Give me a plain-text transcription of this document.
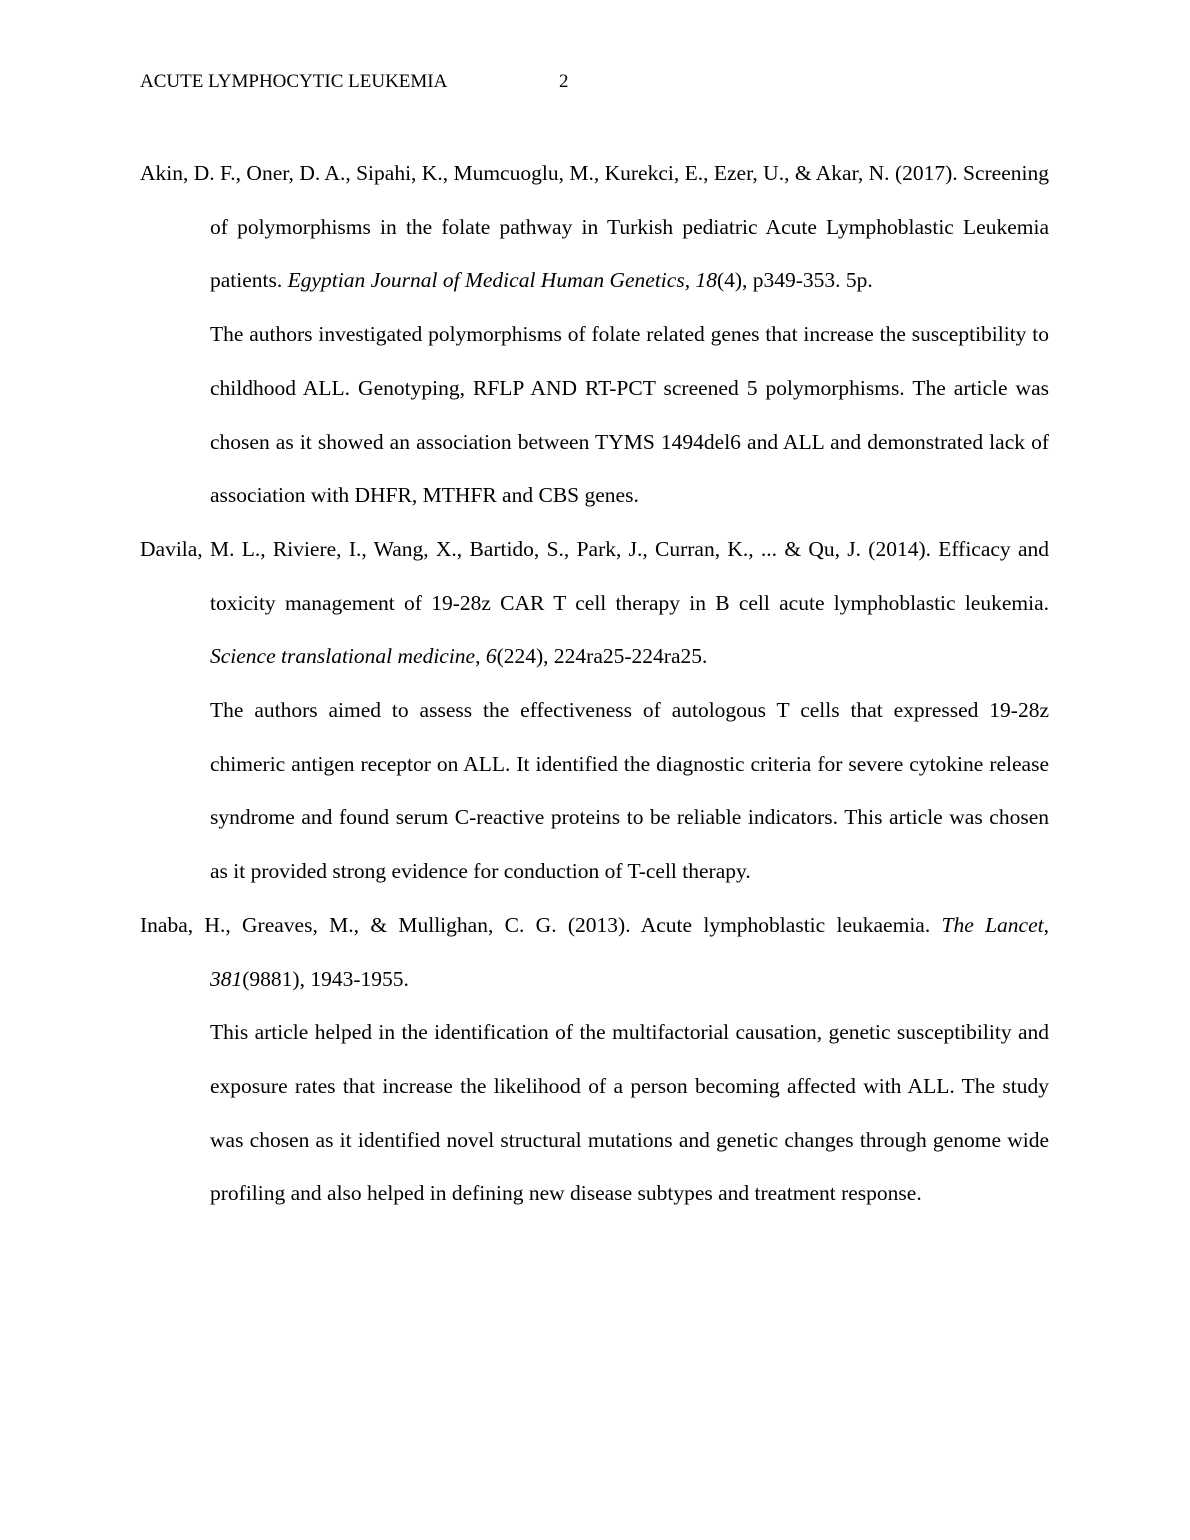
ACUTE LYMPHOCYTIC LEUKEMIA	2

Akin, D. F., Oner, D. A., Sipahi, K., Mumcuoglu, M., Kurekci, E., Ezer, U., & Akar, N. (2017). Screening of polymorphisms in the folate pathway in Turkish pediatric Acute Lymphoblastic Leukemia patients. Egyptian Journal of Medical Human Genetics, 18(4), p349-353. 5p.

The authors investigated polymorphisms of folate related genes that increase the susceptibility to childhood ALL. Genotyping, RFLP AND RT-PCT screened 5 polymorphisms. The article was chosen as it showed an association between TYMS 1494del6 and ALL and demonstrated lack of association with DHFR, MTHFR and CBS genes.

Davila, M. L., Riviere, I., Wang, X., Bartido, S., Park, J., Curran, K., ... & Qu, J. (2014). Efficacy and toxicity management of 19-28z CAR T cell therapy in B cell acute lymphoblastic leukemia. Science translational medicine, 6(224), 224ra25-224ra25.

The authors aimed to assess the effectiveness of autologous T cells that expressed 19-28z chimeric antigen receptor on ALL. It identified the diagnostic criteria for severe cytokine release syndrome and found serum C-reactive proteins to be reliable indicators. This article was chosen as it provided strong evidence for conduction of T-cell therapy.

Inaba, H., Greaves, M., & Mullighan, C. G. (2013). Acute lymphoblastic leukaemia. The Lancet, 381(9881), 1943-1955.

This article helped in the identification of the multifactorial causation, genetic susceptibility and exposure rates that increase the likelihood of a person becoming affected with ALL. The study was chosen as it identified novel structural mutations and genetic changes through genome wide profiling and also helped in defining new disease subtypes and treatment response.
